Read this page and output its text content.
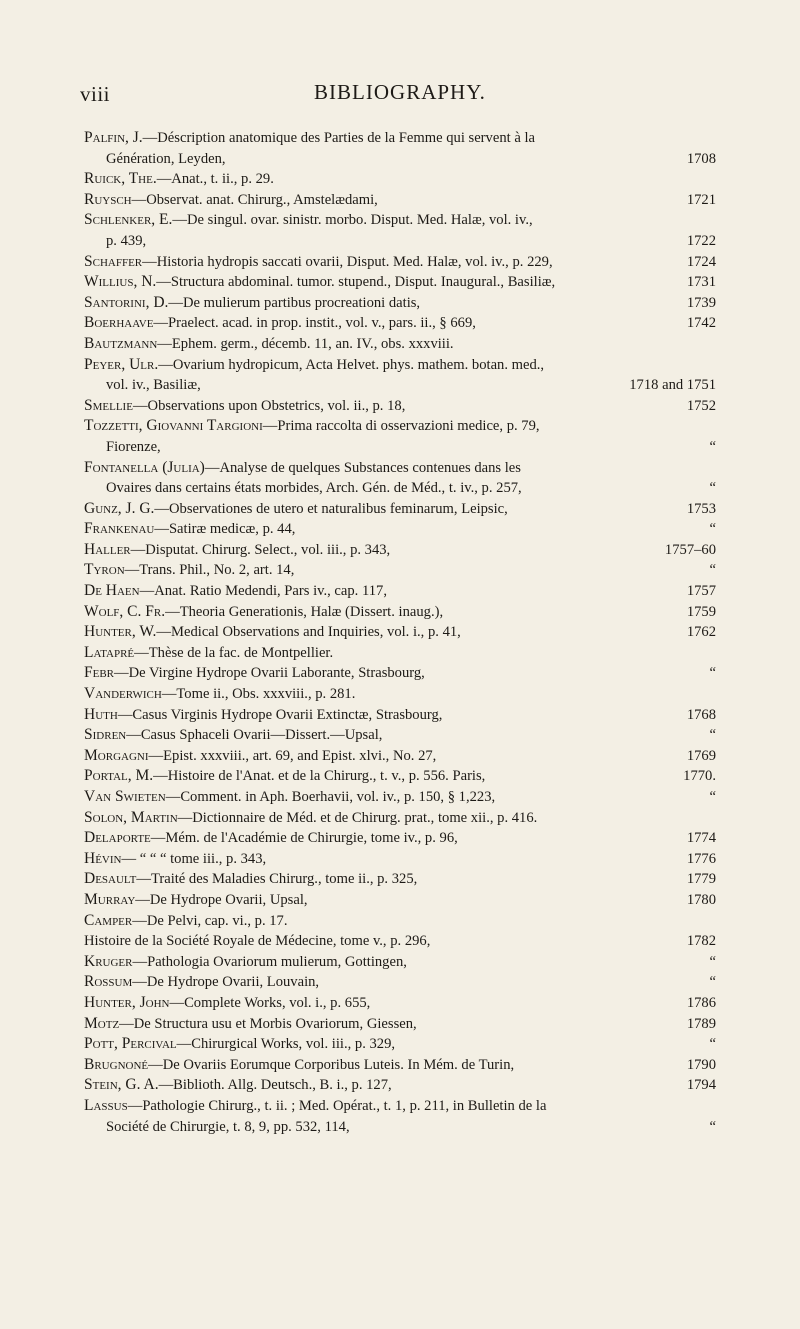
viii	BIBLIOGRAPHY.
Palfin, J.—Déscription anatomique des Parties de la Femme qui servent à la
Génération, Leyden,	1708
Ruick, The.—Anat., t. ii., p. 29.
Ruysch—Observat. anat. Chirurg., Amstelædami,	1721
Schlenker, E.—De singul. ovar. sinistr. morbo. Disput. Med. Halæ, vol. iv.,
p. 439,	1722
Schaffer—Historia hydropis saccati ovarii, Disput. Med. Halæ, vol. iv., p. 229,	1724
Willius, N.—Structura abdominal. tumor. stupend., Disput. Inaugural., Basiliæ,	1731
Santorini, D.—De mulierum partibus procreationi datis,	1739
Boerhaave—Praelect. acad. in prop. instit., vol. v., pars. ii., § 669,	1742
Bautzmann—Ephem. germ., décemb. 11, an. IV., obs. xxxviii.
Peyer, Ulr.—Ovarium hydropicum, Acta Helvet. phys. mathem. botan. med.,
vol. iv., Basiliæ,	1718 and 1751
Smellie—Observations upon Obstetrics, vol. ii., p. 18,	1752
Tozzetti, Giovanni Targioni—Prima raccolta di osservazioni medice, p. 79,
Fiorenze,	“
Fontanella (Julia)—Analyse de quelques Substances contenues dans les
Ovaires dans certains états morbides, Arch. Gén. de Méd., t. iv., p. 257,	“
Gunz, J. G.—Observationes de utero et naturalibus feminarum, Leipsic,	1753
Frankenau—Satiræ medicæ, p. 44,	“
Haller—Disputat. Chirurg. Select., vol. iii., p. 343,	1757–60
Tyron—Trans. Phil., No. 2, art. 14,	“
De Haen—Anat. Ratio Medendi, Pars iv., cap. 117,	1757
Wolf, C. Fr.—Theoria Generationis, Halæ (Dissert. inaug.),	1759
Hunter, W.—Medical Observations and Inquiries, vol. i., p. 41,	1762
Latapré—Thèse de la fac. de Montpellier.
Febr—De Virgine Hydrope Ovarii Laborante, Strasbourg,	“
Vanderwich—Tome ii., Obs. xxxviii., p. 281.
Huth—Casus Virginis Hydrope Ovarii Extinctæ, Strasbourg,	1768
Sidren—Casus Sphaceli Ovarii—Dissert.—Upsal,	“
Morgagni—Epist. xxxviii., art. 69, and Epist. xlvi., No. 27,	1769
Portal, M.—Histoire de l'Anat. et de la Chirurg., t. v., p. 556. Paris,	1770.
Van Swieten—Comment. in Aph. Boerhavii, vol. iv., p. 150, § 1,223,	“
Solon, Martin—Dictionnaire de Méd. et de Chirurg. prat., tome xii., p. 416.
Delaporte—Mém. de l'Académie de Chirurgie, tome iv., p. 96,	1774
Hévin— “ “ “ tome iii., p. 343,	1776
Desault—Traité des Maladies Chirurg., tome ii., p. 325,	1779
Murray—De Hydrope Ovarii, Upsal,	1780
Camper—De Pelvi, cap. vi., p. 17.
Histoire de la Société Royale de Médecine, tome v., p. 296,	1782
Kruger—Pathologia Ovariorum mulierum, Gottingen,	“
Rossum—De Hydrope Ovarii, Louvain,	“
Hunter, John—Complete Works, vol. i., p. 655,	1786
Motz—De Structura usu et Morbis Ovariorum, Giessen,	1789
Pott, Percival—Chirurgical Works, vol. iii., p. 329,	“
Brugnoné—De Ovariis Eorumque Corporibus Luteis. In Mém. de Turin,	1790
Stein, G. A.—Biblioth. Allg. Deutsch., B. i., p. 127,	1794
Lassus—Pathologie Chirurg., t. ii. ; Med. Opérat., t. 1, p. 211, in Bulletin de la
Société de Chirurgie, t. 8, 9, pp. 532, 114,	“
